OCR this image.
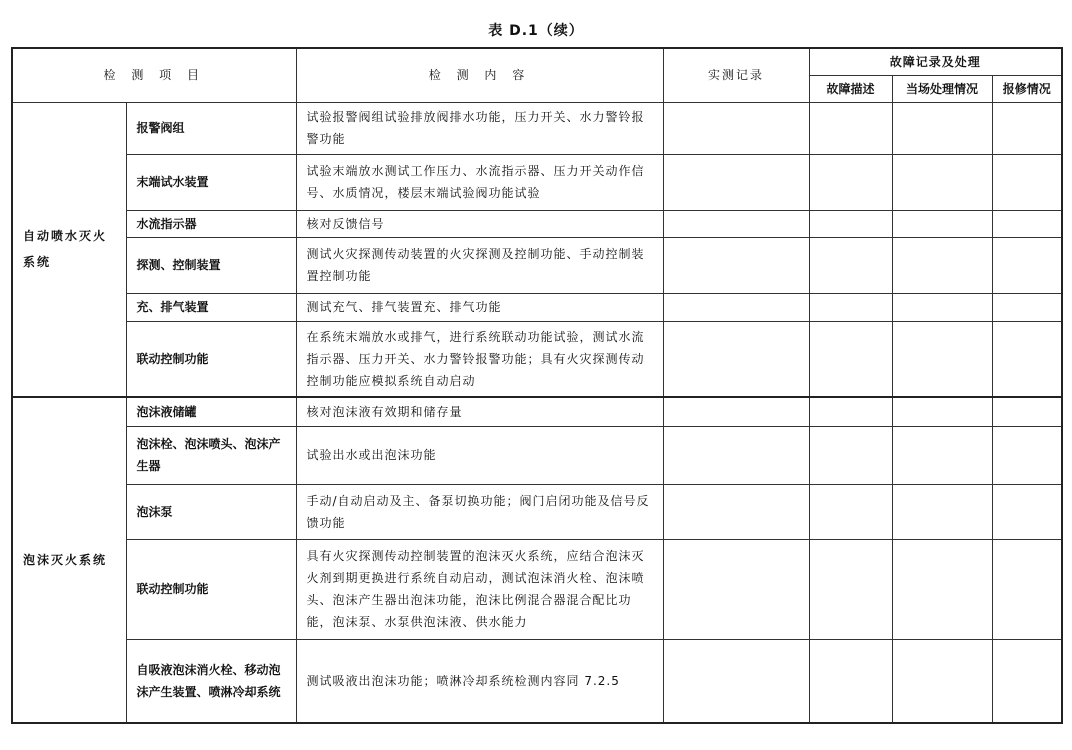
表 D.1（续）
检 测 项 目		检 测 内 容	实测记录	故障记录及处理		
				故障描述	当场处理情况	报修情况
自动喷水灭火系统	报警阀组	试验报警阀组试验排放阀排水功能，压力开关、水力警铃报警功能				
	末端试水装置	试验末端放水测试工作压力、水流指示器、压力开关动作信号、水质情况，楼层末端试验阀功能试验				
	水流指示器	核对反馈信号				
	探测、控制装置	测试火灾探测传动装置的火灾探测及控制功能、手动控制装置控制功能				
	充、排气装置	测试充气、排气装置充、排气功能				
	联动控制功能	在系统末端放水或排气，进行系统联动功能试验，测试水流指示器、压力开关、水力警铃报警功能；具有火灾探测传动控制功能应模拟系统自动启动				
泡沫灭火系统	泡沫液储罐	核对泡沫液有效期和储存量				
	泡沫栓、泡沫喷头、泡沫产生器	试验出水或出泡沫功能				
	泡沫泵	手动/自动启动及主、备泵切换功能；阀门启闭功能及信号反馈功能				
	联动控制功能	具有火灾探测传动控制装置的泡沫灭火系统，应结合泡沫灭火剂到期更换进行系统自动启动，测试泡沫消火栓、泡沫喷头、泡沫产生器出泡沫功能，泡沫比例混合器混合配比功能，泡沫泵、水泵供泡沫液、供水能力				
	自吸液泡沫消火栓、移动泡沫产生装置、喷淋冷却系统	测试吸液出泡沫功能；喷淋冷却系统检测内容同 7.2.5				
